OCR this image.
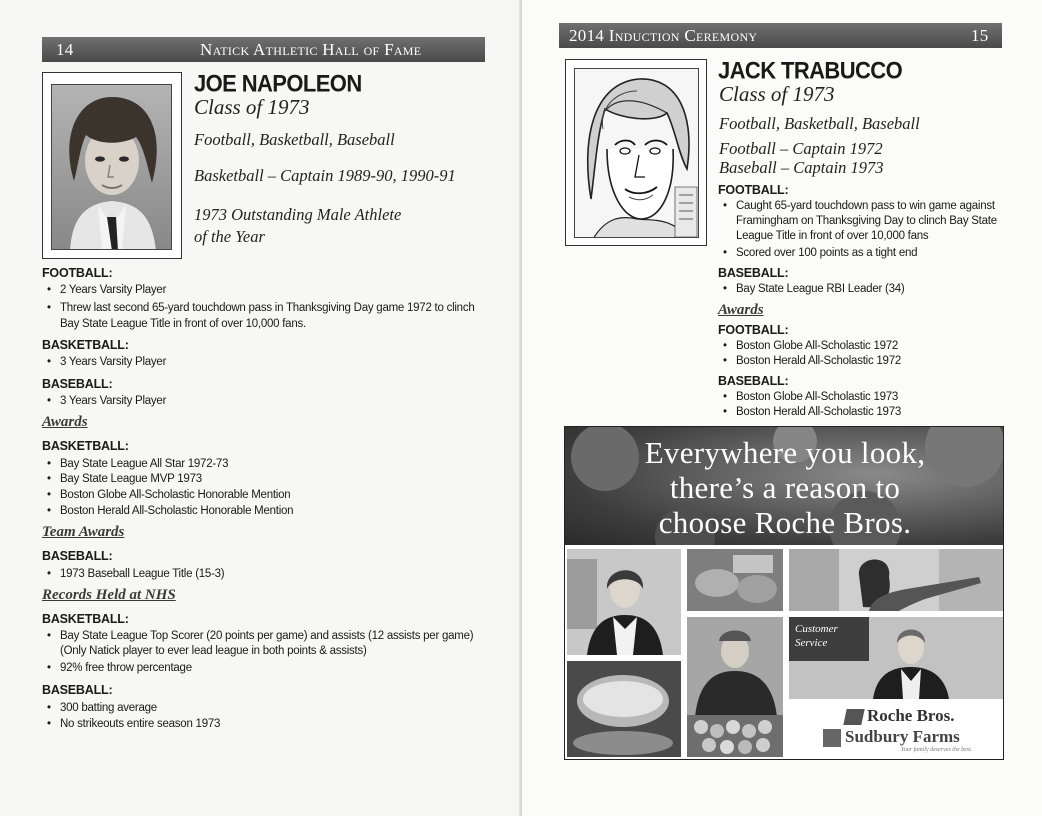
14	Natick Athletic Hall of Fame
JOE NAPOLEON
Class of 1973
Football, Basketball, Baseball
Basketball – Captain 1989-90, 1990-91
1973 Outstanding Male Athlete
of the Year
FOOTBALL:
• 2 Years Varsity Player
• Threw last second 65-yard touchdown pass in Thanksgiving Day game 1972 to clinch
Bay State League Title in front of over 10,000 fans.
BASKETBALL:
• 3 Years Varsity Player
BASEBALL:
• 3 Years Varsity Player
Awards
BASKETBALL:
• Bay State League All Star 1972-73
• Bay State League MVP 1973
• Boston Globe All-Scholastic Honorable Mention
• Boston Herald All-Scholastic Honorable Mention
Team Awards
BASEBALL:
• 1973 Baseball League Title (15-3)
Records Held at NHS
BASKETBALL:
• Bay State League Top Scorer (20 points per game) and assists (12 assists per game)
(Only Natick player to ever lead league in both points & assists)
• 92% free throw percentage
BASEBALL:
• 300 batting average
• No strikeouts entire season 1973
2014 Induction Ceremony	15
JACK TRABUCCO
Class of 1973
Football, Basketball, Baseball
Football – Captain 1972
Baseball – Captain 1973
FOOTBALL:
• Caught 65-yard touchdown pass to win game against
Framingham on Thanksgiving Day to clinch Bay State
League Title in front of over 10,000 fans
• Scored over 100 points as a tight end
BASEBALL:
• Bay State League RBI Leader (34)
Awards
FOOTBALL:
• Boston Globe All-Scholastic 1972
• Boston Herald All-Scholastic 1972
BASEBALL:
• Boston Globe All-Scholastic 1973
• Boston Herald All-Scholastic 1973
Everywhere you look,
there’s a reason to
choose Roche Bros.
Customer
Service
Roche Bros.
Sudbury Farms
Your family deserves the best.
